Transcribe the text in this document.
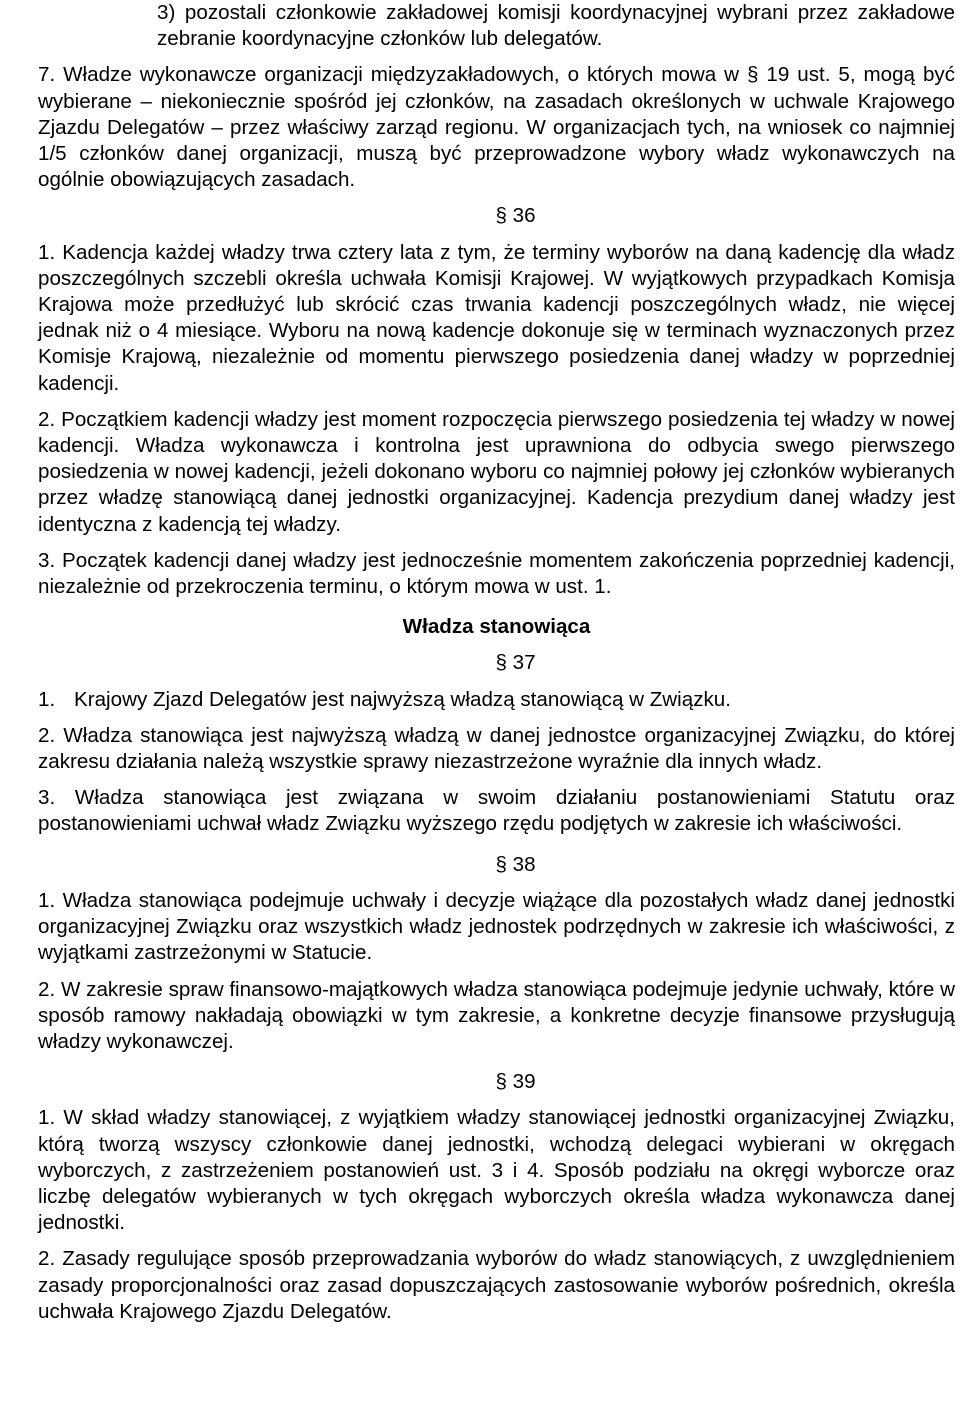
3) pozostali członkowie zakładowej komisji koordynacyjnej wybrani przez zakładowe zebranie koordynacyjne członków lub delegatów.

7. Władze wykonawcze organizacji międzyzakładowych, o których mowa w § 19 ust. 5, mogą być wybierane – niekoniecznie spośród jej członków, na zasadach określonych w uchwale Krajowego Zjazdu Delegatów – przez właściwy zarząd regionu. W organizacjach tych, na wniosek co najmniej 1/5 członków danej organizacji, muszą być przeprowadzone wybory władz wykonawczych na ogólnie obowiązujących zasadach.

§ 36

1. Kadencja każdej władzy trwa cztery lata z tym, że terminy wyborów na daną kadencję dla władz poszczególnych szczebli określa uchwała Komisji Krajowej. W wyjątkowych przypadkach Komisja Krajowa może przedłużyć lub skrócić czas trwania kadencji poszczególnych władz, nie więcej jednak niż o 4 miesiące. Wyboru na nową kadencje dokonuje się w terminach wyznaczonych przez Komisje Krajową, niezależnie od momentu pierwszego posiedzenia danej władzy w poprzedniej kadencji.

2. Początkiem kadencji władzy jest moment rozpoczęcia pierwszego posiedzenia tej władzy w nowej kadencji. Władza wykonawcza i kontrolna jest uprawniona do odbycia swego pierwszego posiedzenia w nowej kadencji, jeżeli dokonano wyboru co najmniej połowy jej członków wybieranych przez władzę stanowiącą danej jednostki organizacyjnej. Kadencja prezydium danej władzy jest identyczna z kadencją tej władzy.

3. Początek kadencji danej władzy jest jednocześnie momentem zakończenia poprzedniej kadencji, niezależnie od przekroczenia terminu, o którym mowa w ust. 1.

Władza stanowiąca

§ 37

1. Krajowy Zjazd Delegatów jest najwyższą władzą stanowiącą w Związku.

2. Władza stanowiąca jest najwyższą władzą w danej jednostce organizacyjnej Związku, do której zakresu działania należą wszystkie sprawy niezastrzeżone wyraźnie dla innych władz.

3. Władza stanowiąca jest związana w swoim działaniu postanowieniami Statutu oraz postanowieniami uchwał władz Związku wyższego rzędu podjętych w zakresie ich właściwości.

§ 38

1. Władza stanowiąca podejmuje uchwały i decyzje wiążące dla pozostałych władz danej jednostki organizacyjnej Związku oraz wszystkich władz jednostek podrzędnych w zakresie ich właściwości, z wyjątkami zastrzeżonymi w Statucie.

2. W zakresie spraw finansowo-majątkowych władza stanowiąca podejmuje jedynie uchwały, które w sposób ramowy nakładają obowiązki w tym zakresie, a konkretne decyzje finansowe przysługują władzy wykonawczej.

§ 39

1. W skład władzy stanowiącej, z wyjątkiem władzy stanowiącej jednostki organizacyjnej Związku, którą tworzą wszyscy członkowie danej jednostki, wchodzą delegaci wybierani w okręgach wyborczych, z zastrzeżeniem postanowień ust. 3 i 4. Sposób podziału na okręgi wyborcze oraz liczbę delegatów wybieranych w tych okręgach wyborczych określa władza wykonawcza danej jednostki.

2. Zasady regulujące sposób przeprowadzania wyborów do władz stanowiących, z uwzględnieniem zasady proporcjonalności oraz zasad dopuszczających zastosowanie wyborów pośrednich, określa uchwała Krajowego Zjazdu Delegatów.
